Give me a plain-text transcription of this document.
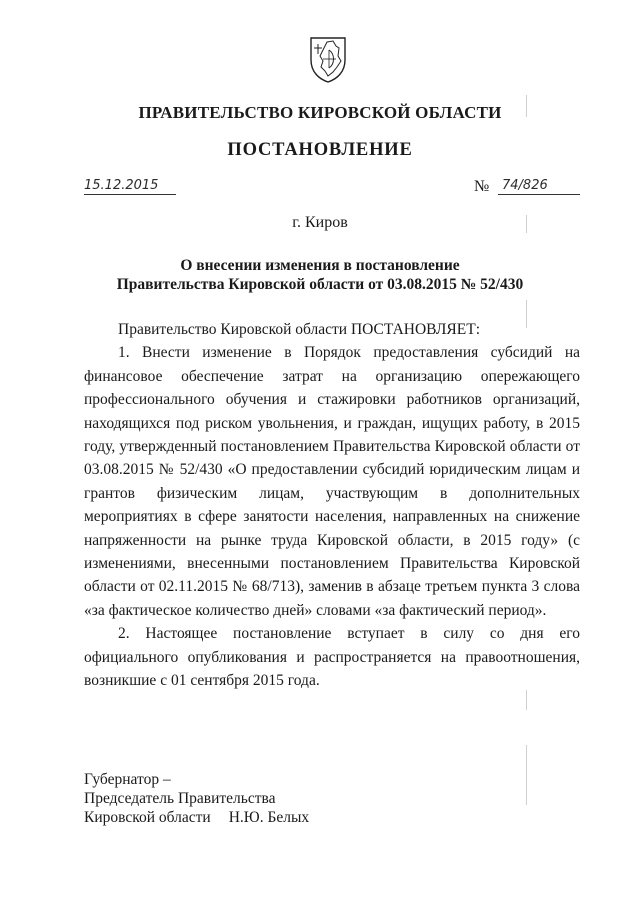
ПРАВИТЕЛЬСТВО КИРОВСКОЙ ОБЛАСТИ
ПОСТАНОВЛЕНИЕ
15.12.2015	№ 74/826
г. Киров
О внесении изменения в постановление
Правительства Кировской области от 03.08.2015 № 52/430

Правительство Кировской области ПОСТАНОВЛЯЕТ:

1. Внести изменение в Порядок предоставления субсидий на финансовое обеспечение затрат на организацию опережающего профессионального обучения и стажировки работников организаций, находящихся под риском увольнения, и граждан, ищущих работу, в 2015 году, утвержденный постановлением Правительства Кировской области от 03.08.2015 № 52/430 «О предоставлении субсидий юридическим лицам и грантов физическим лицам, участвующим в дополнительных мероприятиях в сфере занятости населения, направленных на снижение напряженности на рынке труда Кировской области, в 2015 году» (с изменениями, внесенными постановлением Правительства Кировской области от 02.11.2015 № 68/713), заменив в абзаце третьем пункта 3 слова «за фактическое количество дней» словами «за фактический период».

2. Настоящее постановление вступает в силу со дня его официального опубликования и распространяется на правоотношения, возникшие с 01 сентября 2015 года.

Губернатор –
Председатель Правительства
Кировской области Н.Ю. Белых
